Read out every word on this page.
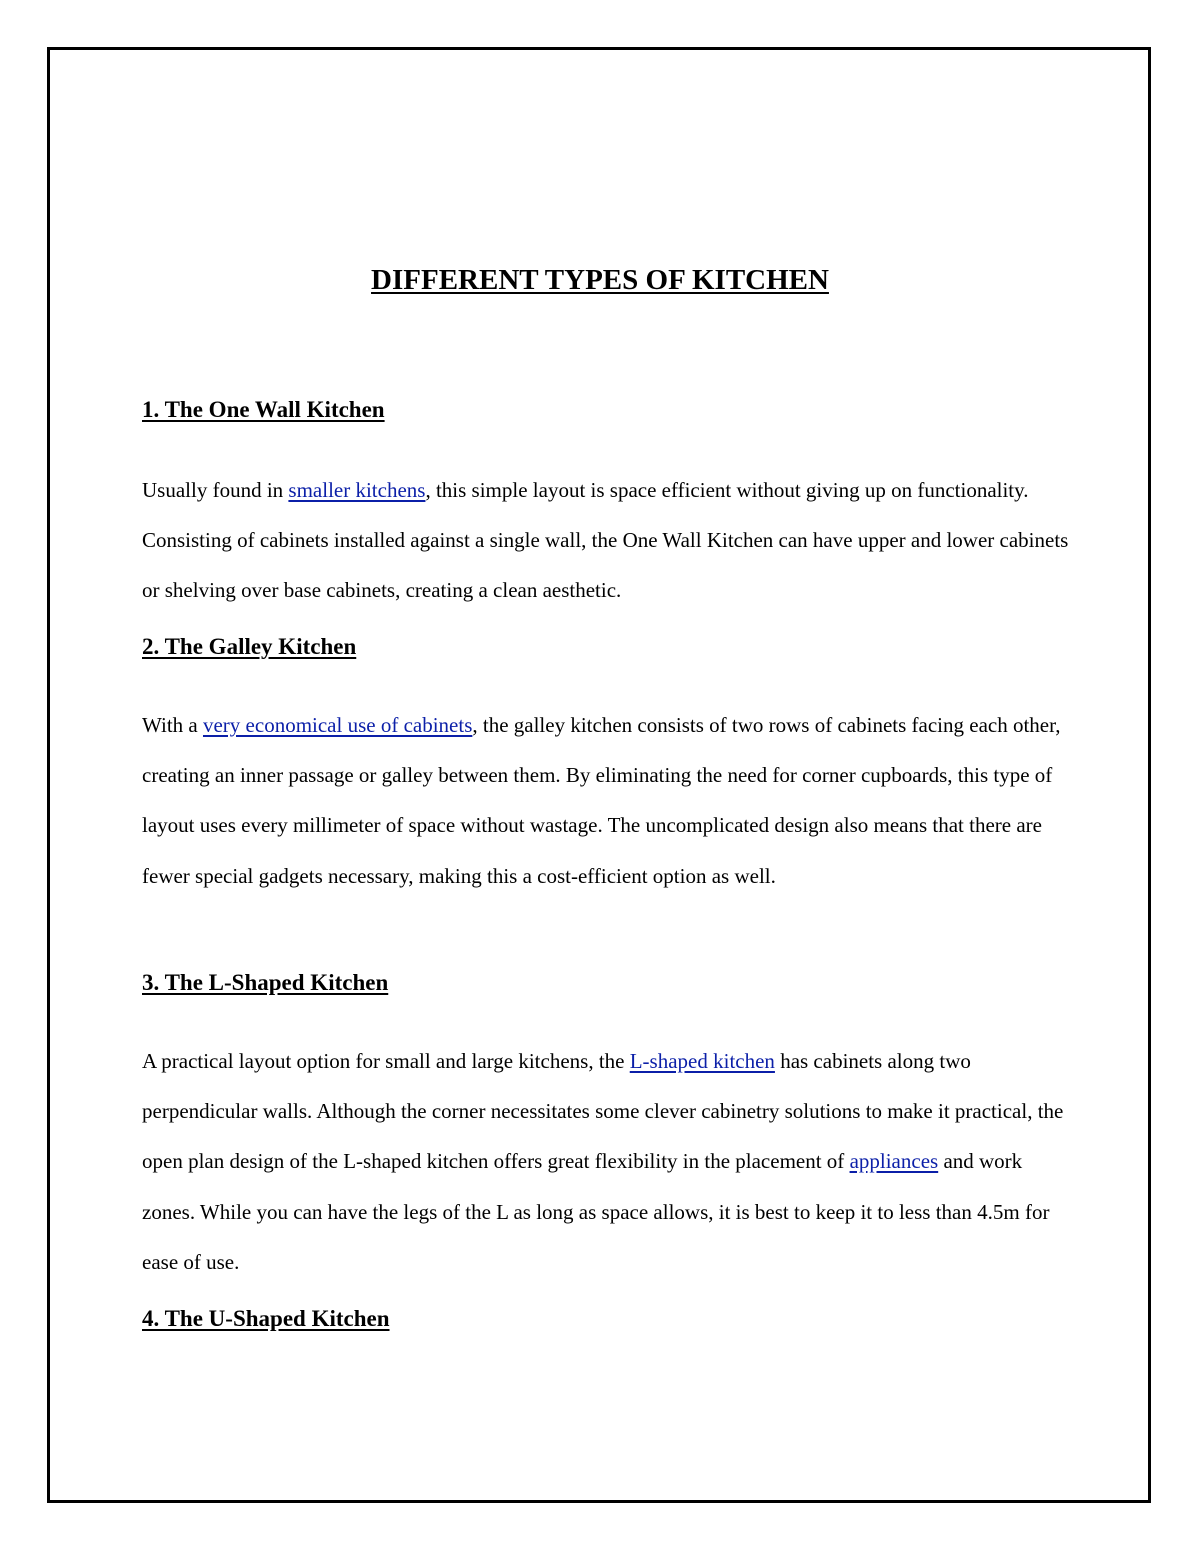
DIFFERENT TYPES OF KITCHEN
1. The One Wall Kitchen

Usually found in smaller kitchens, this simple layout is space efficient without giving up on functionality. Consisting of cabinets installed against a single wall, the One Wall Kitchen can have upper and lower cabinets or shelving over base cabinets, creating a clean aesthetic.

2. The Galley Kitchen

With a very economical use of cabinets, the galley kitchen consists of two rows of cabinets facing each other, creating an inner passage or galley between them. By eliminating the need for corner cupboards, this type of layout uses every millimeter of space without wastage. The uncomplicated design also means that there are fewer special gadgets necessary, making this a cost-efficient option as well.

3. The L-Shaped Kitchen

A practical layout option for small and large kitchens, the L-shaped kitchen has cabinets along two perpendicular walls. Although the corner necessitates some clever cabinetry solutions to make it practical, the open plan design of the L-shaped kitchen offers great flexibility in the placement of appliances and work zones. While you can have the legs of the L as long as space allows, it is best to keep it to less than 4.5m for ease of use.

4. The U-Shaped Kitchen
